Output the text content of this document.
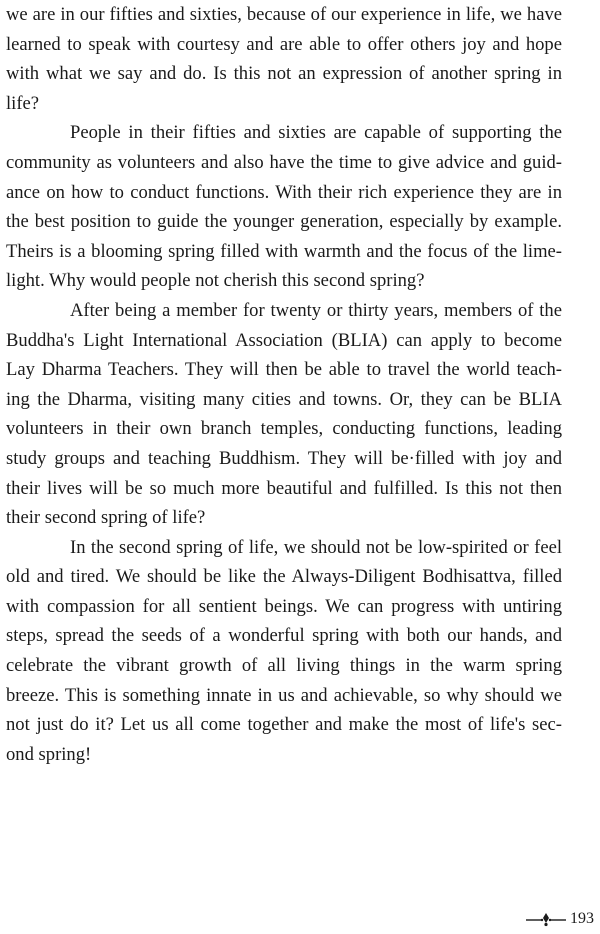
we are in our fifties and sixties, because of our experience in life, we have
learned to speak with courtesy and are able to offer others joy and hope
with what we say and do. Is this not an expression of another spring in
life?
People in their fifties and sixties are capable of supporting the
community as volunteers and also have the time to give advice and guid-
ance on how to conduct functions. With their rich experience they are in
the best position to guide the younger generation, especially by example.
Theirs is a blooming spring filled with warmth and the focus of the lime-
light. Why would people not cherish this second spring?
After being a member for twenty or thirty years, members of the
Buddha's Light International Association (BLIA) can apply to become
Lay Dharma Teachers. They will then be able to travel the world teach-
ing the Dharma, visiting many cities and towns. Or, they can be BLIA
volunteers in their own branch temples, conducting functions, leading
study groups and teaching Buddhism. They will be·filled with joy and
their lives will be so much more beautiful and fulfilled. Is this not then
their second spring of life?
In the second spring of life, we should not be low-spirited or feel
old and tired. We should be like the Always-Diligent Bodhisattva, filled
with compassion for all sentient beings. We can progress with untiring
steps, spread the seeds of a wonderful spring with both our hands, and
celebrate the vibrant growth of all living things in the warm spring
breeze. This is something innate in us and achievable, so why should we
not just do it? Let us all come together and make the most of life's sec-
ond spring!
193
